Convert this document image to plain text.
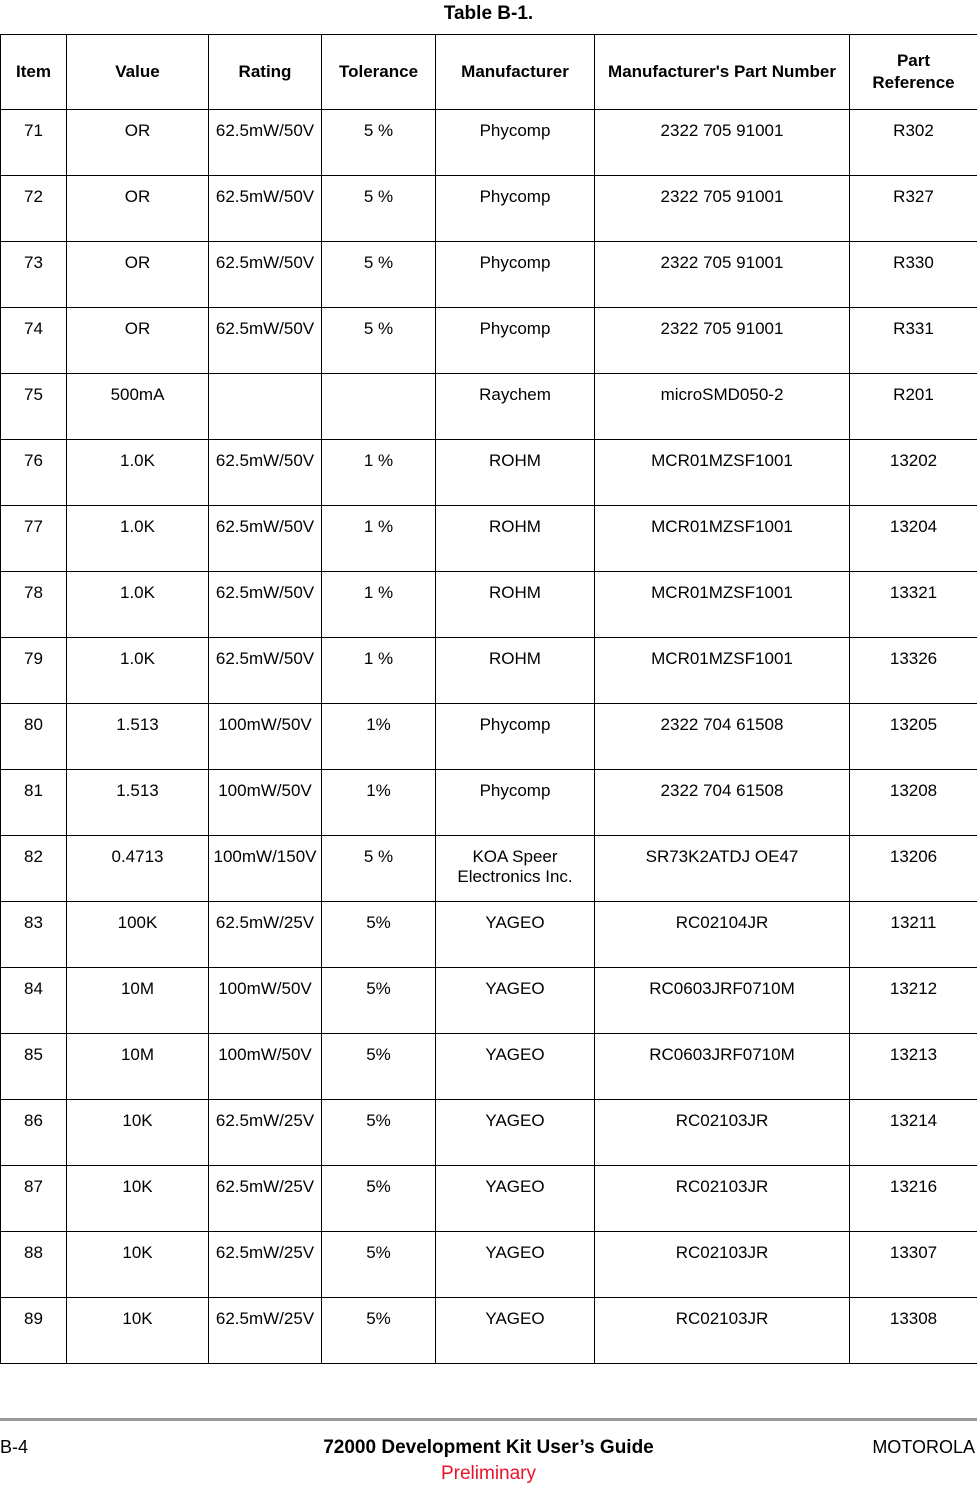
Table B-1.
Item	Value	Rating	Tolerance	Manufacturer	Manufacturer's Part Number	Part Reference
71	OR	62.5mW/50V	5 %	Phycomp	2322 705 91001	R302
72	OR	62.5mW/50V	5 %	Phycomp	2322 705 91001	R327
73	OR	62.5mW/50V	5 %	Phycomp	2322 705 91001	R330
74	OR	62.5mW/50V	5 %	Phycomp	2322 705 91001	R331
75	500mA			Raychem	microSMD050-2	R201
76	1.0K	62.5mW/50V	1 %	ROHM	MCR01MZSF1001	13202
77	1.0K	62.5mW/50V	1 %	ROHM	MCR01MZSF1001	13204
78	1.0K	62.5mW/50V	1 %	ROHM	MCR01MZSF1001	13321
79	1.0K	62.5mW/50V	1 %	ROHM	MCR01MZSF1001	13326
80	1.513	100mW/50V	1%	Phycomp	2322 704 61508	13205
81	1.513	100mW/50V	1%	Phycomp	2322 704 61508	13208
82	0.4713	100mW/150V	5 %	KOA Speer Electronics Inc.	SR73K2ATDJ OE47	13206
83	100K	62.5mW/25V	5%	YAGEO	RC02104JR	13211
84	10M	100mW/50V	5%	YAGEO	RC0603JRF0710M	13212
85	10M	100mW/50V	5%	YAGEO	RC0603JRF0710M	13213
86	10K	62.5mW/25V	5%	YAGEO	RC02103JR	13214
87	10K	62.5mW/25V	5%	YAGEO	RC02103JR	13216
88	10K	62.5mW/25V	5%	YAGEO	RC02103JR	13307
89	10K	62.5mW/25V	5%	YAGEO	RC02103JR	13308
B-4	72000 Development Kit User’s Guide	MOTOROLA
Preliminary
